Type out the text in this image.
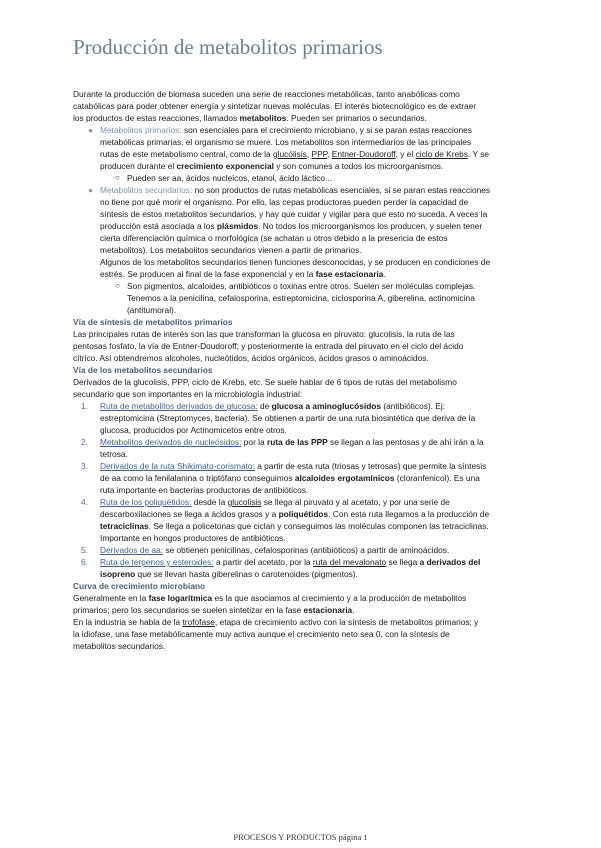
Producción de metabolitos primarios

Durante la producción de biomasa suceden una serie de reacciones metabólicas, tanto anabólicas como

catabólicas para poder obtener energía y sintetizar nuevas moléculas. El interés biotecnológico es de extraer

los productos de estas reacciones, llamados metabolitos. Pueden ser primarios o secundarios.

● Metabolitos primarios: son esenciales para el crecimiento microbiano, y si se paran estas reacciones

metabólicas primarias, el organismo se muere. Los metabolitos son intermediarios de las principales

rutas de este metabolismo central, como de la glucólisis, PPP, Entner-Doudoroff, y el ciclo de Krebs. Y se

producen durante el crecimiento exponencial y son comunes a todos los microorganismos.

○ Pueden ser aa, ácidos nucleicos, etanol, ácido láctico...

● Metabolitos secundarios: no son productos de rutas metabólicas esenciales, si se paran estas reacciones

no tiene por qué morir el organismo. Por ello, las cepas productoras pueden perder la capacidad de

síntesis de estos metabolitos secundarios, y hay que cuidar y vigilar para que esto no suceda. A veces la

producción está asociada a los plásmidos. No todos los microorganismos los producen, y suelen tener

cierta diferenciación química o morfológica (se achatan u otros debido a la presencia de estos

metabolitos). Los metabolitos secundarios vienen a partir de primarios.

Algunos de los metabolitos secundarios tienen funciones desconocidas, y se producen en condiciones de

estrés. Se producen al final de la fase exponencial y en la fase estacionaria.

○ Son pigmentos, alcaloides, antibióticos o toxinas entre otros. Suelen ser moléculas complejas.

Tenemos a la penicilina, cefalosporina, estreptomicina, ciclosporina A, giberelina, actinomicina

(antitumoral).

Vía de síntesis de metabolitos primarios

Las principales rutas de interés son las que transforman la glucosa en piruvato: glucolisis, la ruta de las

pentosas fosfato, la vía de Entner-Doudoroff; y posteriormente la entrada del piruvato en el ciclo del ácido

cítrico. Así obtendremos alcoholes, nucleótidos, ácidos orgánicos, ácidos grasos o aminoácidos.

Vía de los metabolitos secundarios

Derivados de la glucolisis, PPP, ciclo de Krebs, etc. Se suele hablar de 6 tipos de rutas del metabolismo

secundario que son importantes en la microbiología industrial:

1. Ruta de metabolitos derivados de glucosa: de glucosa a aminoglucósidos (antibióticos). Ej:

estreptomicina (Streptomyces, bacteria). Se obtienen a partir de una ruta biosintética que deriva de la

glucosa, producidos por Actinomicetos entre otros.

2. Metabolitos derivados de nucleósidos: por la ruta de las PPP se llegan a las pentosas y de ahí irán a la

tetrosa.

3. Derivados de la ruta Shikimato-corismato: a partir de esta ruta (triosas y tetrosas) que permite la síntesis

de aa como la fenilalanina o triptófano conseguimos alcaloides ergotamínicos (cloranfenicol). Es una

ruta importante en bacterias productoras de antibióticos.

4. Ruta de los poliquétidos: desde la glucolisis se llega al piruvato y al acetato, y por una serie de

descarboxilaciones se llega a ácidos grasos y a poliquétidos. Con esta ruta llegamos a la producción de

tetraciclinas. Se llega a policetonas que ciclan y conseguimos las moléculas componen las tetraciclinas.

Importante en hongos productores de antibióticos.

5. Derivados de aa: se obtienen penicilinas, cefalosporinas (antibióticos) a partir de aminoácidos.

6. Ruta de terpenos y esteroides: a partir del acetato, por la ruta del mevalonato se llega a derivados del

isopreno que se llevan hasta giberelinas o carotenoides (pigmentos).

Curva de crecimiento microbiano

Generalmente en la fase logarítmica es la que asociamos al crecimiento y a la producción de metabolitos

primarios; pero los secundarios se suelen sintetizar en la fase estacionaria.

En la industria se habla de la trofofase, etapa de crecimiento activo con la síntesis de metabolitos primarios; y

la idiofase, una fase metabólicamente muy activa aunque el crecimiento neto sea 0, con la síntesis de

metabolitos secundarios.

PROCESOS Y PRODUCTOS página 1
